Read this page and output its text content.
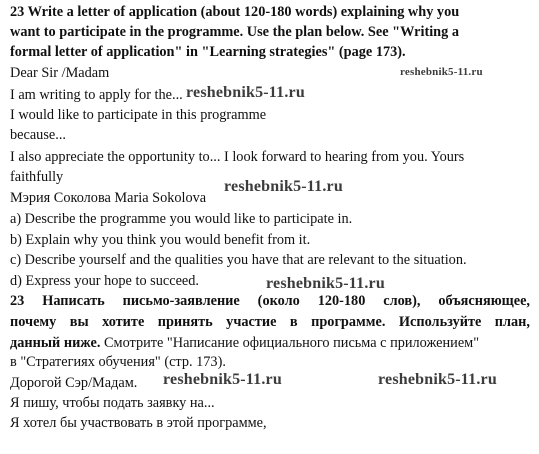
23 Write a letter of application (about 120-180 words) explaining why you
want to participate in the programme. Use the plan below. See "Writing a
formal letter of application" in "Learning strategies" (page 173).
Dear Sir /Madam
I am writing to apply for the...
I would like to participate in this programme
because...
I also appreciate the opportunity to... I look forward to hearing from you. Yours
faithfully
Мэрия Соколова Maria Sokolova
a) Describe the programme you would like to participate in.
b) Explain why you think you would benefit from it.
c) Describe yourself and the qualities you have that are relevant to the situation.
d) Express your hope to succeed.
23 Написать письмо-заявление (около 120-180 слов), объясняющее,
почему вы хотите принять участие в программе. Используйте план,
данный ниже. Смотрите "Написание официального письма с приложением"
в "Стратегиях обучения" (стр. 173).
Дорогой Сэр/Мадам.
Я пишу, чтобы подать заявку на...
Я хотел бы участвовать в этой программе,
reshebnik5-11.ru
reshebnik5-11.ru
reshebnik5-11.ru
reshebnik5-11.ru
reshebnik5-11.ru	reshebnik5-11.ru
